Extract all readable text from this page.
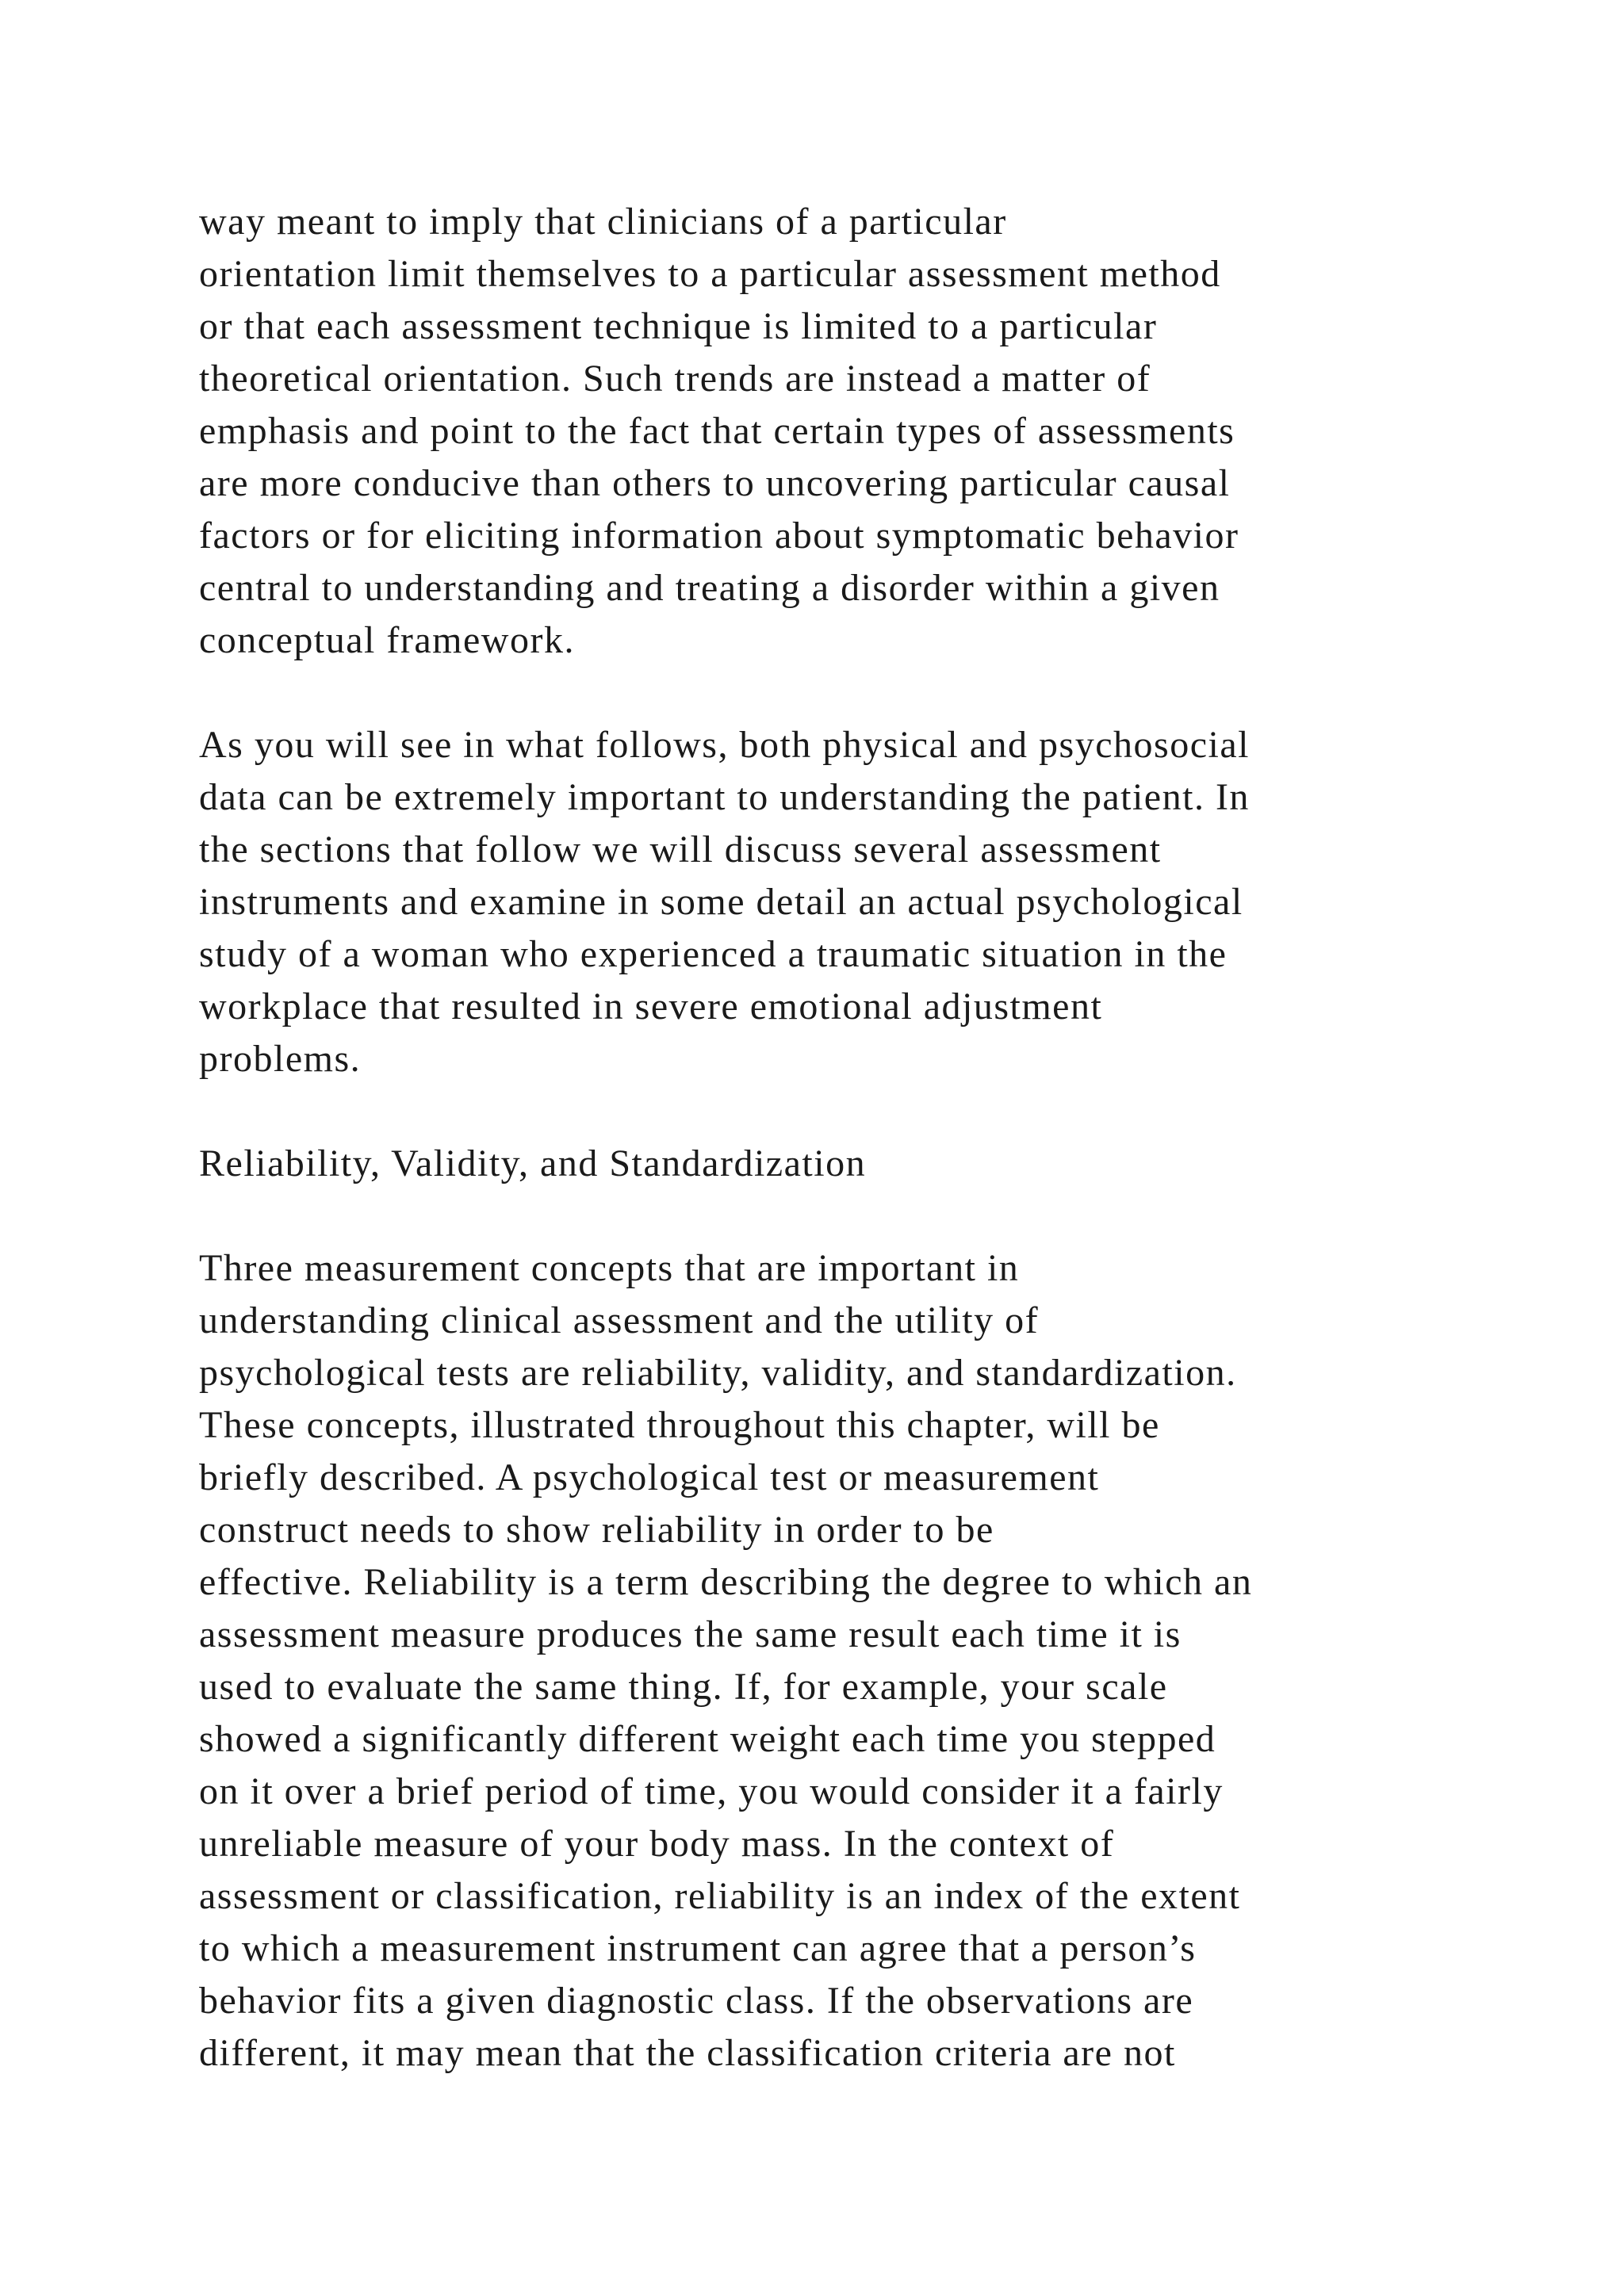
way meant to imply that clinicians of a particular
orientation limit themselves to a particular assessment method
or that each assessment technique is limited to a particular
theoretical orientation. Such trends are instead a matter of
emphasis and point to the fact that certain types of assessments
are more conducive than others to uncovering particular causal
factors or for eliciting information about symptomatic behavior
central to understanding and treating a disorder within a given
conceptual framework.
As you will see in what follows, both physical and psychosocial
data can be extremely important to understanding the patient. In
the sections that follow we will discuss several assessment
instruments and examine in some detail an actual psychological
study of a woman who experienced a traumatic situation in the
workplace that resulted in severe emotional adjustment
problems.
Reliability, Validity, and Standardization
Three measurement concepts that are important in
understanding clinical assessment and the utility of
psychological tests are reliability, validity, and standardization.
These concepts, illustrated throughout this chapter, will be
briefly described. A psychological test or measurement
construct needs to show reliability in order to be
effective. Reliability is a term describing the degree to which an
assessment measure produces the same result each time it is
used to evaluate the same thing. If, for example, your scale
showed a significantly different weight each time you stepped
on it over a brief period of time, you would consider it a fairly
unreliable measure of your body mass. In the context of
assessment or classification, reliability is an index of the extent
to which a measurement instrument can agree that a person’s
behavior fits a given diagnostic class. If the observations are
different, it may mean that the classification criteria are not
